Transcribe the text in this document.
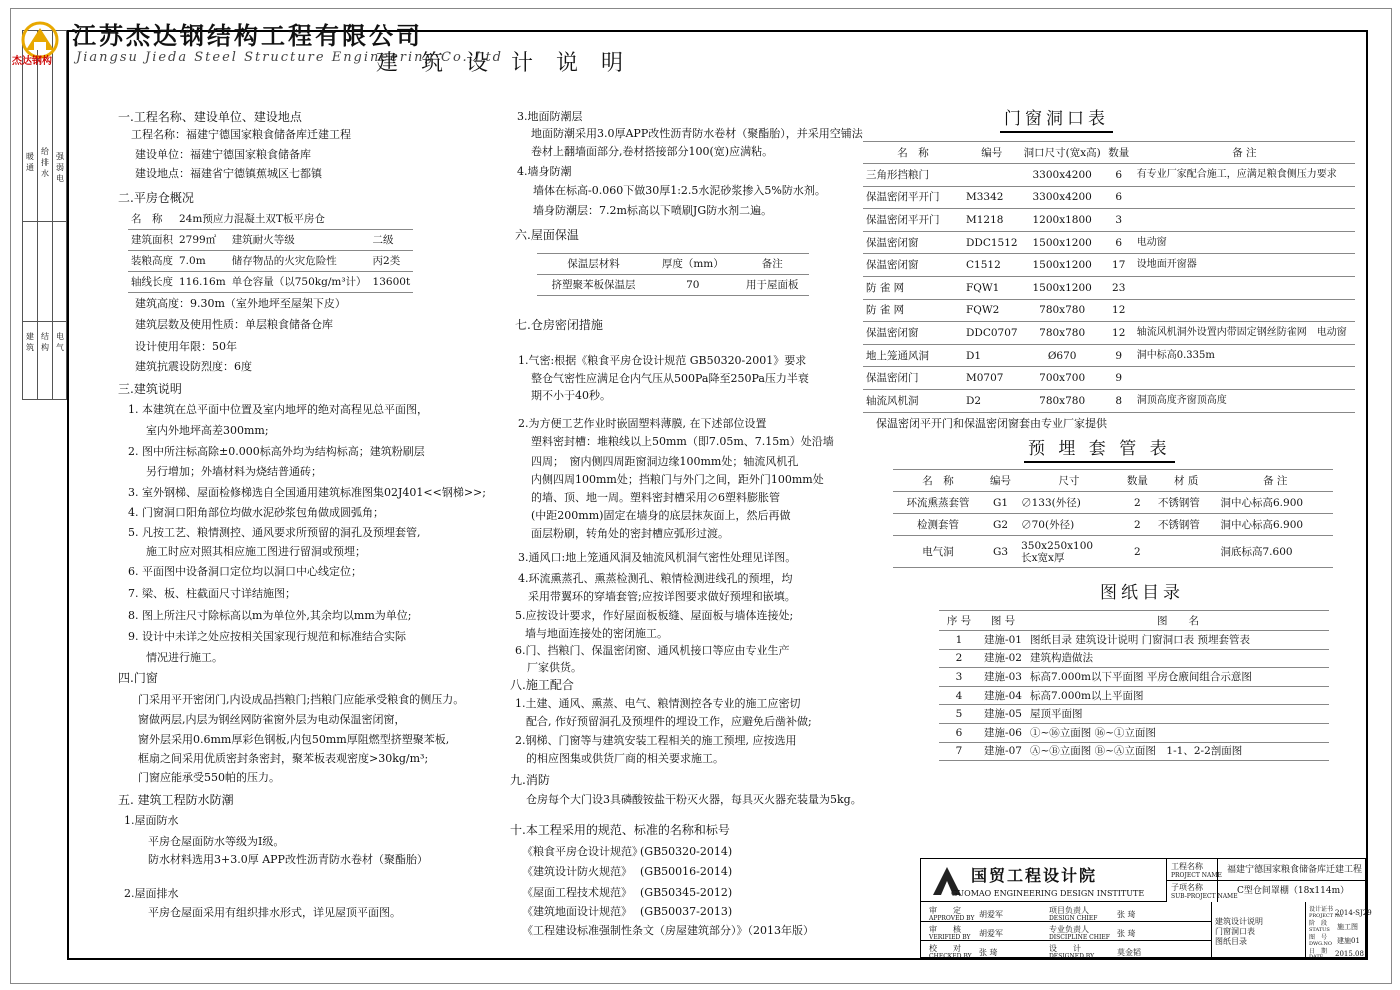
暖通
给排水
建筑
结构
电气
强弱电
杰达钢构
江苏杰达钢结构工程有限公司
Jiangsu Jieda Steel Structure Engineering Co.,Ltd
建 筑 设 计 说 明
一.工程名称、建设单位、建设地点
工程名称：福建宁德国家粮食储备库迁建工程
建设单位：福建宁德国家粮食储备库
建设地点：福建省宁德镇蕉城区七都镇
二.平房仓概况
名　称	24m预应力混凝土双T板平房仓		
建筑面积	2799㎡	建筑耐火等级	二级
装粮高度	7.0m	储存物品的火灾危险性	丙2类
轴线长度	116.16m	单仓容量（以750kg/m³计）	13600t
建筑高度：9.30m（室外地坪至屋架下皮）
建筑层数及使用性质：单层粮食储备仓库
设计使用年限：50年
建筑抗震设防烈度：6度
三.建筑说明
1. 本建筑在总平面中位置及室内地坪的绝对高程见总平面图，
室内外地坪高差300mm;
2. 图中所注标高除±0.000标高外均为结构标高；建筑粉刷层
另行增加；外墙材料为烧结普通砖；
3. 室外钢梯、屋面检修梯选自全国通用建筑标准图集02J401<<钢梯>>;
4. 门窗洞口阳角部位均做水泥砂浆包角做成圆弧角；
5. 凡按工艺、粮情测控、通风要求所预留的洞孔及预埋套管,
施工时应对照其相应施工图进行留洞或预埋；
6. 平面图中设备洞口定位均以洞口中心线定位；
7. 梁、板、柱截面尺寸详结施图；
8. 图上所注尺寸除标高以m为单位外,其余均以mm为单位;
9. 设计中未详之处应按相关国家现行规范和标准结合实际
情况进行施工。
四.门窗
门采用平开密闭门,内设成品挡粮门;挡粮门应能承受粮食的侧压力。
窗做两层,内层为钢丝网防雀窗外层为电动保温密闭窗，
窗外层采用0.6mm厚彩色钢板,内包50mm厚阻燃型挤塑聚苯板,
框扇之间采用优质密封条密封，聚苯板表观密度>30kg/m³;
门窗应能承受550帕的压力。
五. 建筑工程防水防潮
1.屋面防水
平房仓屋面防水等级为Ⅰ级。
防水材料选用3+3.0厚 APP改性沥青防水卷材（聚酯胎）
2.屋面排水
平房仓屋面采用有组织排水形式，详见屋顶平面图。
3.地面防潮层
地面防潮采用3.0厚APP改性沥青防水卷材（聚酯胎），并采用空铺法
卷材上翻墙面部分,卷材搭接部分100(宽)应满粘。
4.墙身防潮
墙体在标高-0.060下做30厚1:2.5水泥砂浆掺入5%防水剂。
墙身防潮层：7.2m标高以下喷刷JG防水剂二遍。
六.屋面保温
保温层材料	厚度（mm）	备注
挤塑聚苯板保温层	70	用于屋面板
七.仓房密闭措施
1.气密:根据《粮食平房仓设计规范 GB50320-2001》要求
整仓气密性应满足仓内气压从500Pa降至250Pa压力半衰
期不小于40秒。
2.为方便工艺作业时嵌固塑料薄膜, 在下述部位设置
塑料密封槽：堆粮线以上50mm（即7.05m、7.15m）处沿墙
四周；　窗内侧四周距窗洞边缘100mm处；轴流风机孔
内侧四周100mm处；挡粮门与外门之间，距外门100mm处
的墙、顶、地一周。塑料密封槽采用∅6塑料膨胀管
(中距200mm)固定在墙身的底层抹灰面上，然后再做
面层粉刷，转角处的密封槽应弧形过渡。
3.通风口:地上笼通风洞及轴流风机洞气密性处理见详图。
4.环流熏蒸孔、熏蒸检测孔、粮情检测进线孔的预埋，均
采用带翼环的穿墙套管;应按详图要求做好预埋和嵌填。
5.应按设计要求，作好屋面板板缝、屋面板与墙体连接处;
墙与地面连接处的密闭施工。
6.门、挡粮门、保温密闭窗、通风机接口等应由专业生产
厂家供货。
八.施工配合
1.土建、通风、熏蒸、电气、粮情测控各专业的施工应密切
配合, 作好预留洞孔及预埋件的埋设工作，应避免后凿补做;
2.钢梯、门窗等与建筑安装工程相关的施工预埋, 应按选用
的相应图集或供货厂商的相关要求施工。
九.消防
仓房每个大门设3具磷酸铵盐干粉灭火器，每具灭火器充装量为5kg。
十.本工程采用的规范、标准的名称和标号
《粮食平房仓设计规范》
(GB50320-2014)
《建筑设计防火规范》 (GB50016-2014)
《屋面工程技术规范》 (GB50345-2012)
《建筑地面设计规范》 (GB50037-2013)
《工程建设标准强制性条文（房屋建筑部分）》（2013年版）
门窗洞口表
名　称	编号	洞口尺寸(宽x高)	数量	备 注
三角形挡粮门		3300x4200	6	有专业厂家配合施工，应满足粮食侧压力要求
保温密闭平开门	M3342	3300x4200	6	
保温密闭平开门	M1218	1200x1800	3	
保温密闭窗	DDC1512	1500x1200	6	电动窗
保温密闭窗	C1512	1500x1200	17	设地面开窗器
防 雀 网	FQW1	1500x1200	23	
防 雀 网	FQW2	780x780	12	
保温密闭窗	DDC0707	780x780	12	轴流风机洞外设置内带固定钢丝防雀网　电动窗
地上笼通风洞	D1	Ø670	9	洞中标高0.335m
保温密闭门	M0707	700x700	9	
轴流风机洞	D2	780x780	8	洞顶高度齐窗顶高度
保温密闭平开门和保温密闭窗套由专业厂家提供
预 埋 套 管 表
名　称	编号	尺寸	数量	材 质	备 注
环流熏蒸套管	G1	∅133(外径)	2	不锈钢管	洞中心标高6.900
检测套管	G2	∅70(外径)	2	不锈钢管	洞中心标高6.900
电气洞	G3	350x250x100
长x宽x厚	2		洞底标高7.600
图纸目录
序 号	图 号	图　　名
1	建施-01	图纸目录 建筑设计说明 门窗洞口表 预埋套管表
2	建施-02	建筑构造做法
3	建施-03	标高7.000m以下平面图 平房仓廒间组合示意图
4	建施-04	标高7.000m以上平面图
5	建施-05	屋顶平面图
6	建施-06	①~⑯立面图 ⑯~①立面图
7	建施-07	Ⓐ~Ⓑ立面图 Ⓑ~Ⓐ立面图　1-1、2-2剖面图
国贸工程设计院
GUOMAO ENGINEERING DESIGN INSTITUTE
工程名称
PROJECT NAME
福建宁德国家粮食储备库迁建工程
子项名称
SUB-PROJECT NAME
C型仓间罩棚（18x114m）
审　　定
APPROVED BY 胡爱军	项目负责人
DESIGN CHIEF 张 琦
审　　核
VERIFIED BY 胡爱军	专业负责人
DISCIPLINE CHIEF 张 琦
校　　对
CHECKED BY 张 琦	设　　计
DESIGNED BY	莫金韬
建筑设计说明
门窗洞口表
图纸目录
设计证书
PROJECT No.
2014-SJ29
阶　段
STATUS 施工图
图　号
DWG.NO 建施01
日　期
DATE 2015.08
